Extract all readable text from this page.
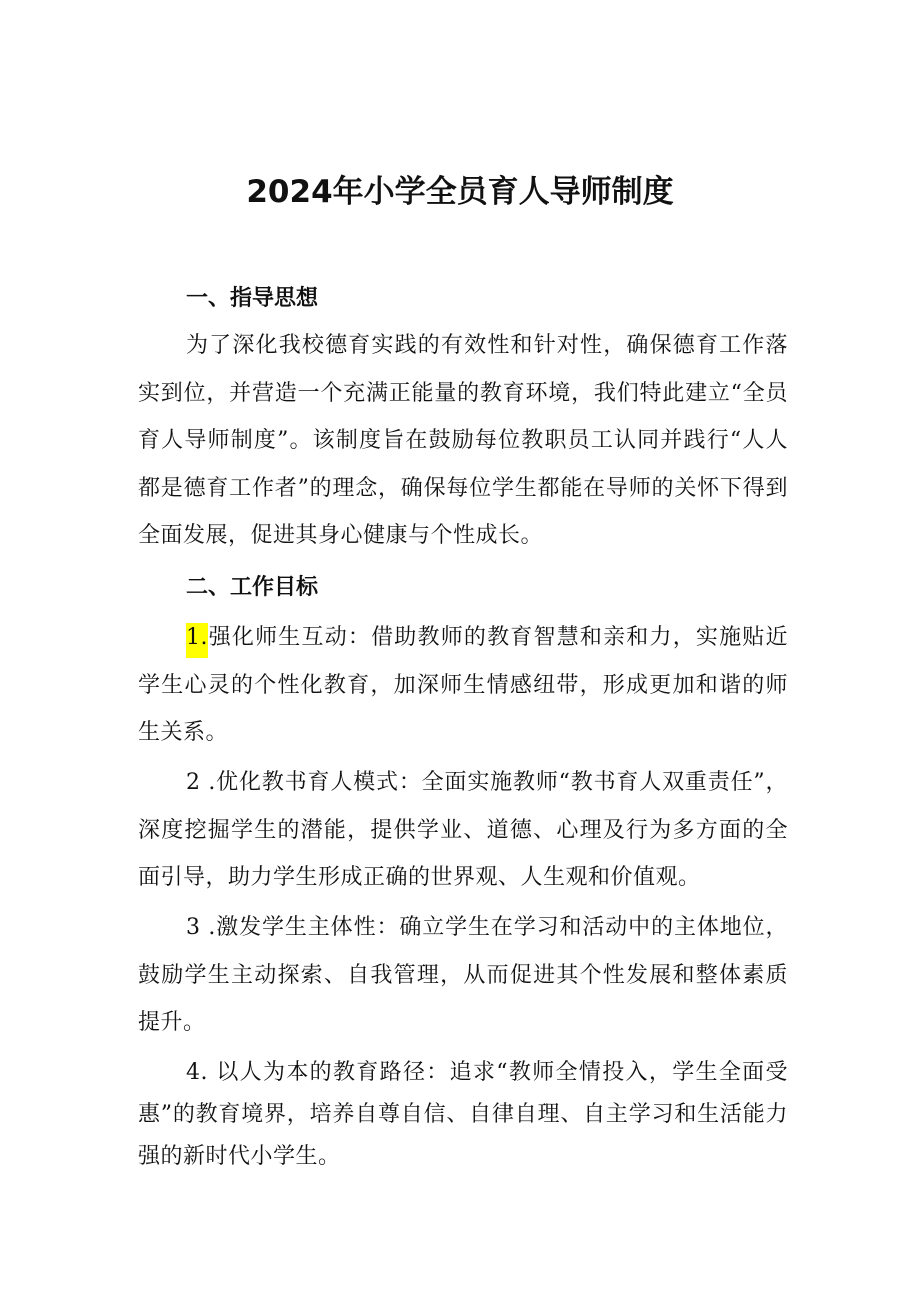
2024年小学全员育人导师制度
一、指导思想

为了深化我校德育实践的有效性和针对性，确保德育工作落实到位，并营造一个充满正能量的教育环境，我们特此建立“全员育人导师制度”。该制度旨在鼓励每位教职员工认同并践行“人人都是德育工作者”的理念，确保每位学生都能在导师的关怀下得到全面发展，促进其身心健康与个性成长。

二、工作目标

1.强化师生互动：借助教师的教育智慧和亲和力，实施贴近学生心灵的个性化教育，加深师生情感纽带，形成更加和谐的师生关系。

2 .优化教书育人模式：全面实施教师“教书育人双重责任”，深度挖掘学生的潜能，提供学业、道德、心理及行为多方面的全面引导，助力学生形成正确的世界观、人生观和价值观。

3 .激发学生主体性：确立学生在学习和活动中的主体地位，鼓励学生主动探索、自我管理，从而促进其个性发展和整体素质提升。

4. 以人为本的教育路径：追求“教师全情投入，学生全面受惠”的教育境界，培养自尊自信、自律自理、自主学习和生活能力强的新时代小学生。
